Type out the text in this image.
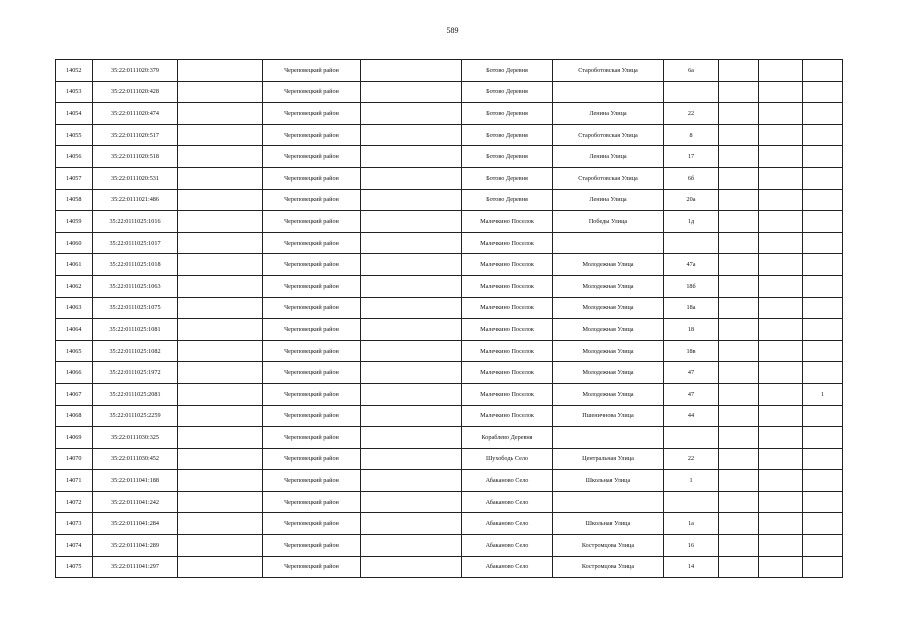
589
14052	35:22:0111020:379		Череповецкий район		Ботово Деревня	Старобoтовская Улица	6а			
14053	35:22:0111020:428		Череповецкий район		Ботово Деревня					
14054	35:22:0111020:474		Череповецкий район		Ботово Деревня	Ленина Улица	22			
14055	35:22:0111020:517		Череповецкий район		Ботово Деревня	Старобoтовская Улица	8			
14056	35:22:0111020:518		Череповецкий район		Ботово Деревня	Ленина Улица	17			
14057	35:22:0111020:531		Череповецкий район		Ботово Деревня	Старобoтовская Улица	6б			
14058	35:22:0111021:486		Череповецкий район		Ботово Деревня	Ленина Улица	20а			
14059	35:22:0111025:1016		Череповецкий район		Малечкино Поселок	Победы Улица	1д			
14060	35:22:0111025:1017		Череповецкий район		Малечкино Поселок					
14061	35:22:0111025:1018		Череповецкий район		Малечкино Поселок	Молодежная Улица	47а			
14062	35:22:0111025:1063		Череповецкий район		Малечкино Поселок	Молодежная Улица	18б			
14063	35:22:0111025:1075		Череповецкий район		Малечкино Поселок	Молодежная Улица	18а			
14064	35:22:0111025:1081		Череповецкий район		Малечкино Поселок	Молодежная Улица	18			
14065	35:22:0111025:1082		Череповецкий район		Малечкино Поселок	Молодежная Улица	18в			
14066	35:22:0111025:1972		Череповецкий район		Малечкино Поселок	Молодежная Улица	47			
14067	35:22:0111025:2081		Череповецкий район		Малечкино Поселок	Молодежная Улица	47			1
14068	35:22:0111025:2259		Череповецкий район		Малечкино Поселок	Пшеничнова Улица	44			
14069	35:22:0111030:325		Череповецкий район		Кораблево Деревня					
14070	35:22:0111030:452		Череповецкий район		Шухободь Село	Центральная Улица	22			
14071	35:22:0111041:188		Череповецкий район		Абаканово Село	Школьная Улица	1			
14072	35:22:0111041:242		Череповецкий район		Абаканово Село					
14073	35:22:0111041:284		Череповецкий район		Абаканово Село	Школьная Улица	1а			
14074	35:22:0111041:289		Череповецкий район		Абаканово Село	Костромцова Улица	16			
14075	35:22:0111041:297		Череповецкий район		Абаканово Село	Костромцова Улица	14			
